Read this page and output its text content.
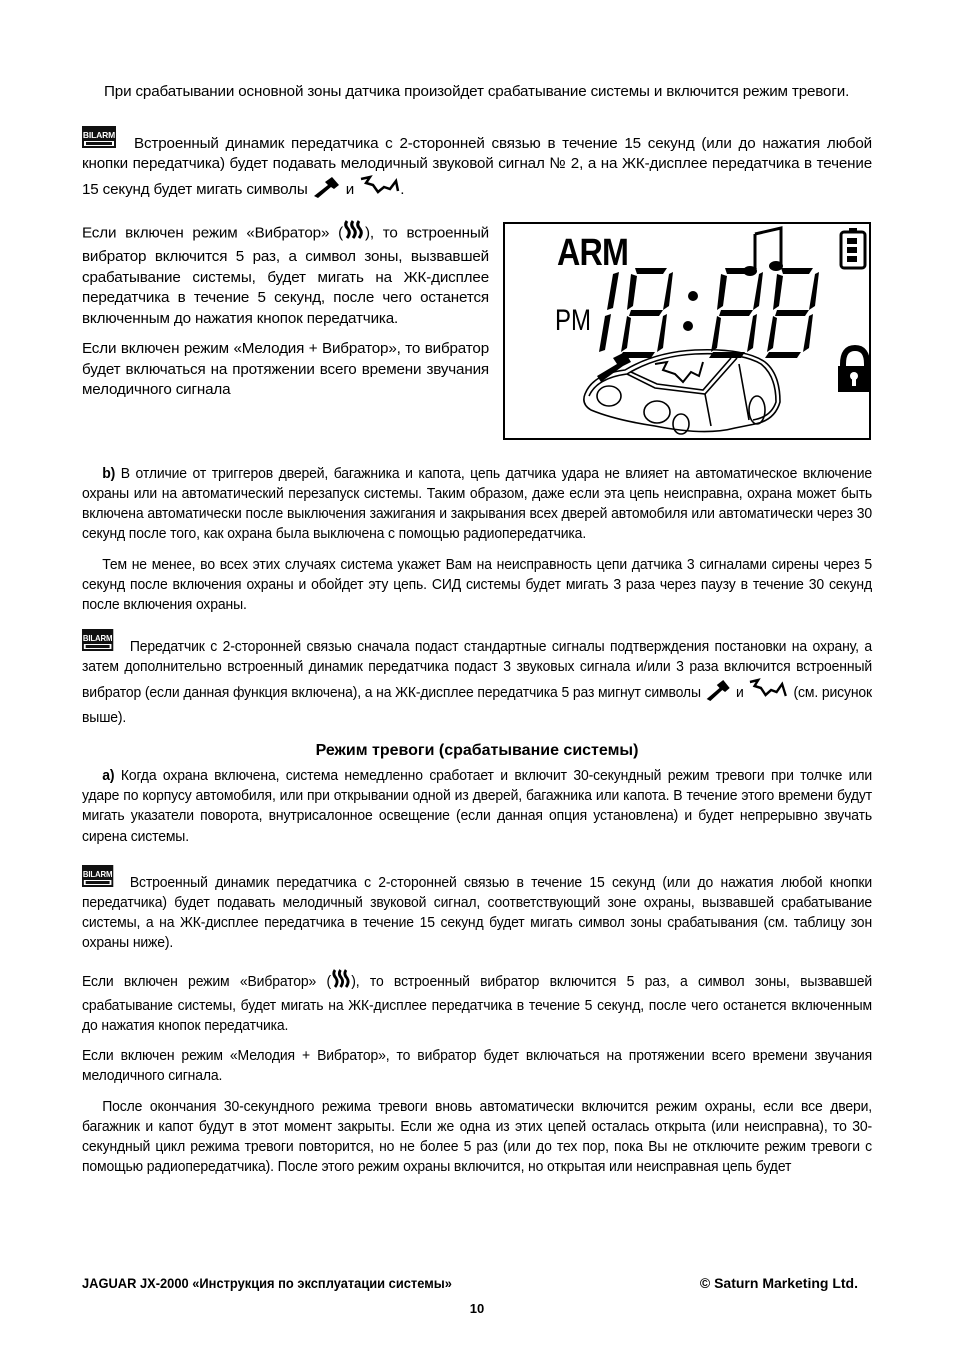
При срабатывании основной зоны датчика произойдет срабатывание системы и включится режим тревоги.

BILARM Встроенный динамик передатчика с 2-сторонней связью в течение 15 секунд (или до нажатия любой кнопки передатчика) будет подавать мелодичный звуковой сигнал № 2, а на ЖК-дисплее передатчика в течение 15 секунд будет мигать символы	и	.

Если включен режим «Вибратор» ( ), то встроенный вибратор включится 5 раз, а символ зоны, вызвавшей срабатывание системы, будет мигать на ЖК-дисплее передатчика в течение 5 секунд, после чего останется включенным до нажатия кнопок передатчика.

Если включен режим «Мелодия + Вибратор», то вибратор будет включаться на протяжении всего времени звучания мелодичного сигнала

ARM
PM

b) В отличие от триггеров дверей, багажника и капота, цепь датчика удара не влияет на автоматическое включение охраны или на автоматический перезапуск системы. Таким образом, даже если эта цепь неисправна, охрана может быть включена автоматически после выключения зажигания и закрывания всех дверей автомобиля или автоматически через 30 секунд после того, как охрана была выключена с помощью радиопередатчика.

Тем не менее, во всех этих случаях система укажет Вам на неисправность цепи датчика 3 сигналами сирены через 5 секунд после включения охраны и обойдет эту цепь. СИД системы будет мигать 3 раза через паузу в течение 30 секунд после включения охраны.

BILARM Передатчик с 2-сторонней связью сначала подаст стандартные сигналы подтверждения постановки на охрану, а затем дополнительно встроенный динамик передатчика подаст 3 звуковых сигнала и/или 3 раза включится встроенный вибратор (если данная функция включена), а на ЖК-дисплее передатчика 5 раз мигнут символы и	(см. рисунок выше).

Режим тревоги (срабатывание системы)

a) Когда охрана включена, система немедленно сработает и включит 30-секундный режим тревоги при толчке или ударе по корпусу автомобиля, или при открывании одной из дверей, багажника или капота. В течение этого времени будут мигать указатели поворота, внутрисалонное освещение (если данная опция установлена) и будет непрерывно звучать сирена системы.

BILARM Встроенный динамик передатчика с 2-сторонней связью в течение 15 секунд (или до нажатия любой кнопки передатчика) будет подавать мелодичный звуковой сигнал, соответствующий зоне охраны, вызвавшей срабатывание системы, а на ЖК-дисплее передатчика в течение 15 секунд будет мигать символ зоны срабатывания (см. таблицу зон охраны ниже).

Если включен режим «Вибратор» ( ), то встроенный вибратор включится 5 раз, а символ зоны, вызвавшей срабатывание системы, будет мигать на ЖК-дисплее передатчика в течение 5 секунд, после чего останется включенным до нажатия кнопок передатчика.

Если включен режим «Мелодия + Вибратор», то вибратор будет включаться на протяжении всего времени звучания мелодичного сигнала.

После окончания 30-секундного режима тревоги вновь автоматически включится режим охраны, если все двери, багажник и капот будут в этот момент закрыты. Если же одна из этих цепей осталась открыта (или неисправна), то 30-секундный цикл режима тревоги повторится, но не более 5 раз (или до тех пор, пока Вы не отключите режим тревоги с помощью радиопередатчика). После этого режим охраны включится, но открытая или неисправная цепь будет

JAGUAR JX-2000 «Инструкция по эксплуатации системы»	© Saturn Marketing Ltd.
10
